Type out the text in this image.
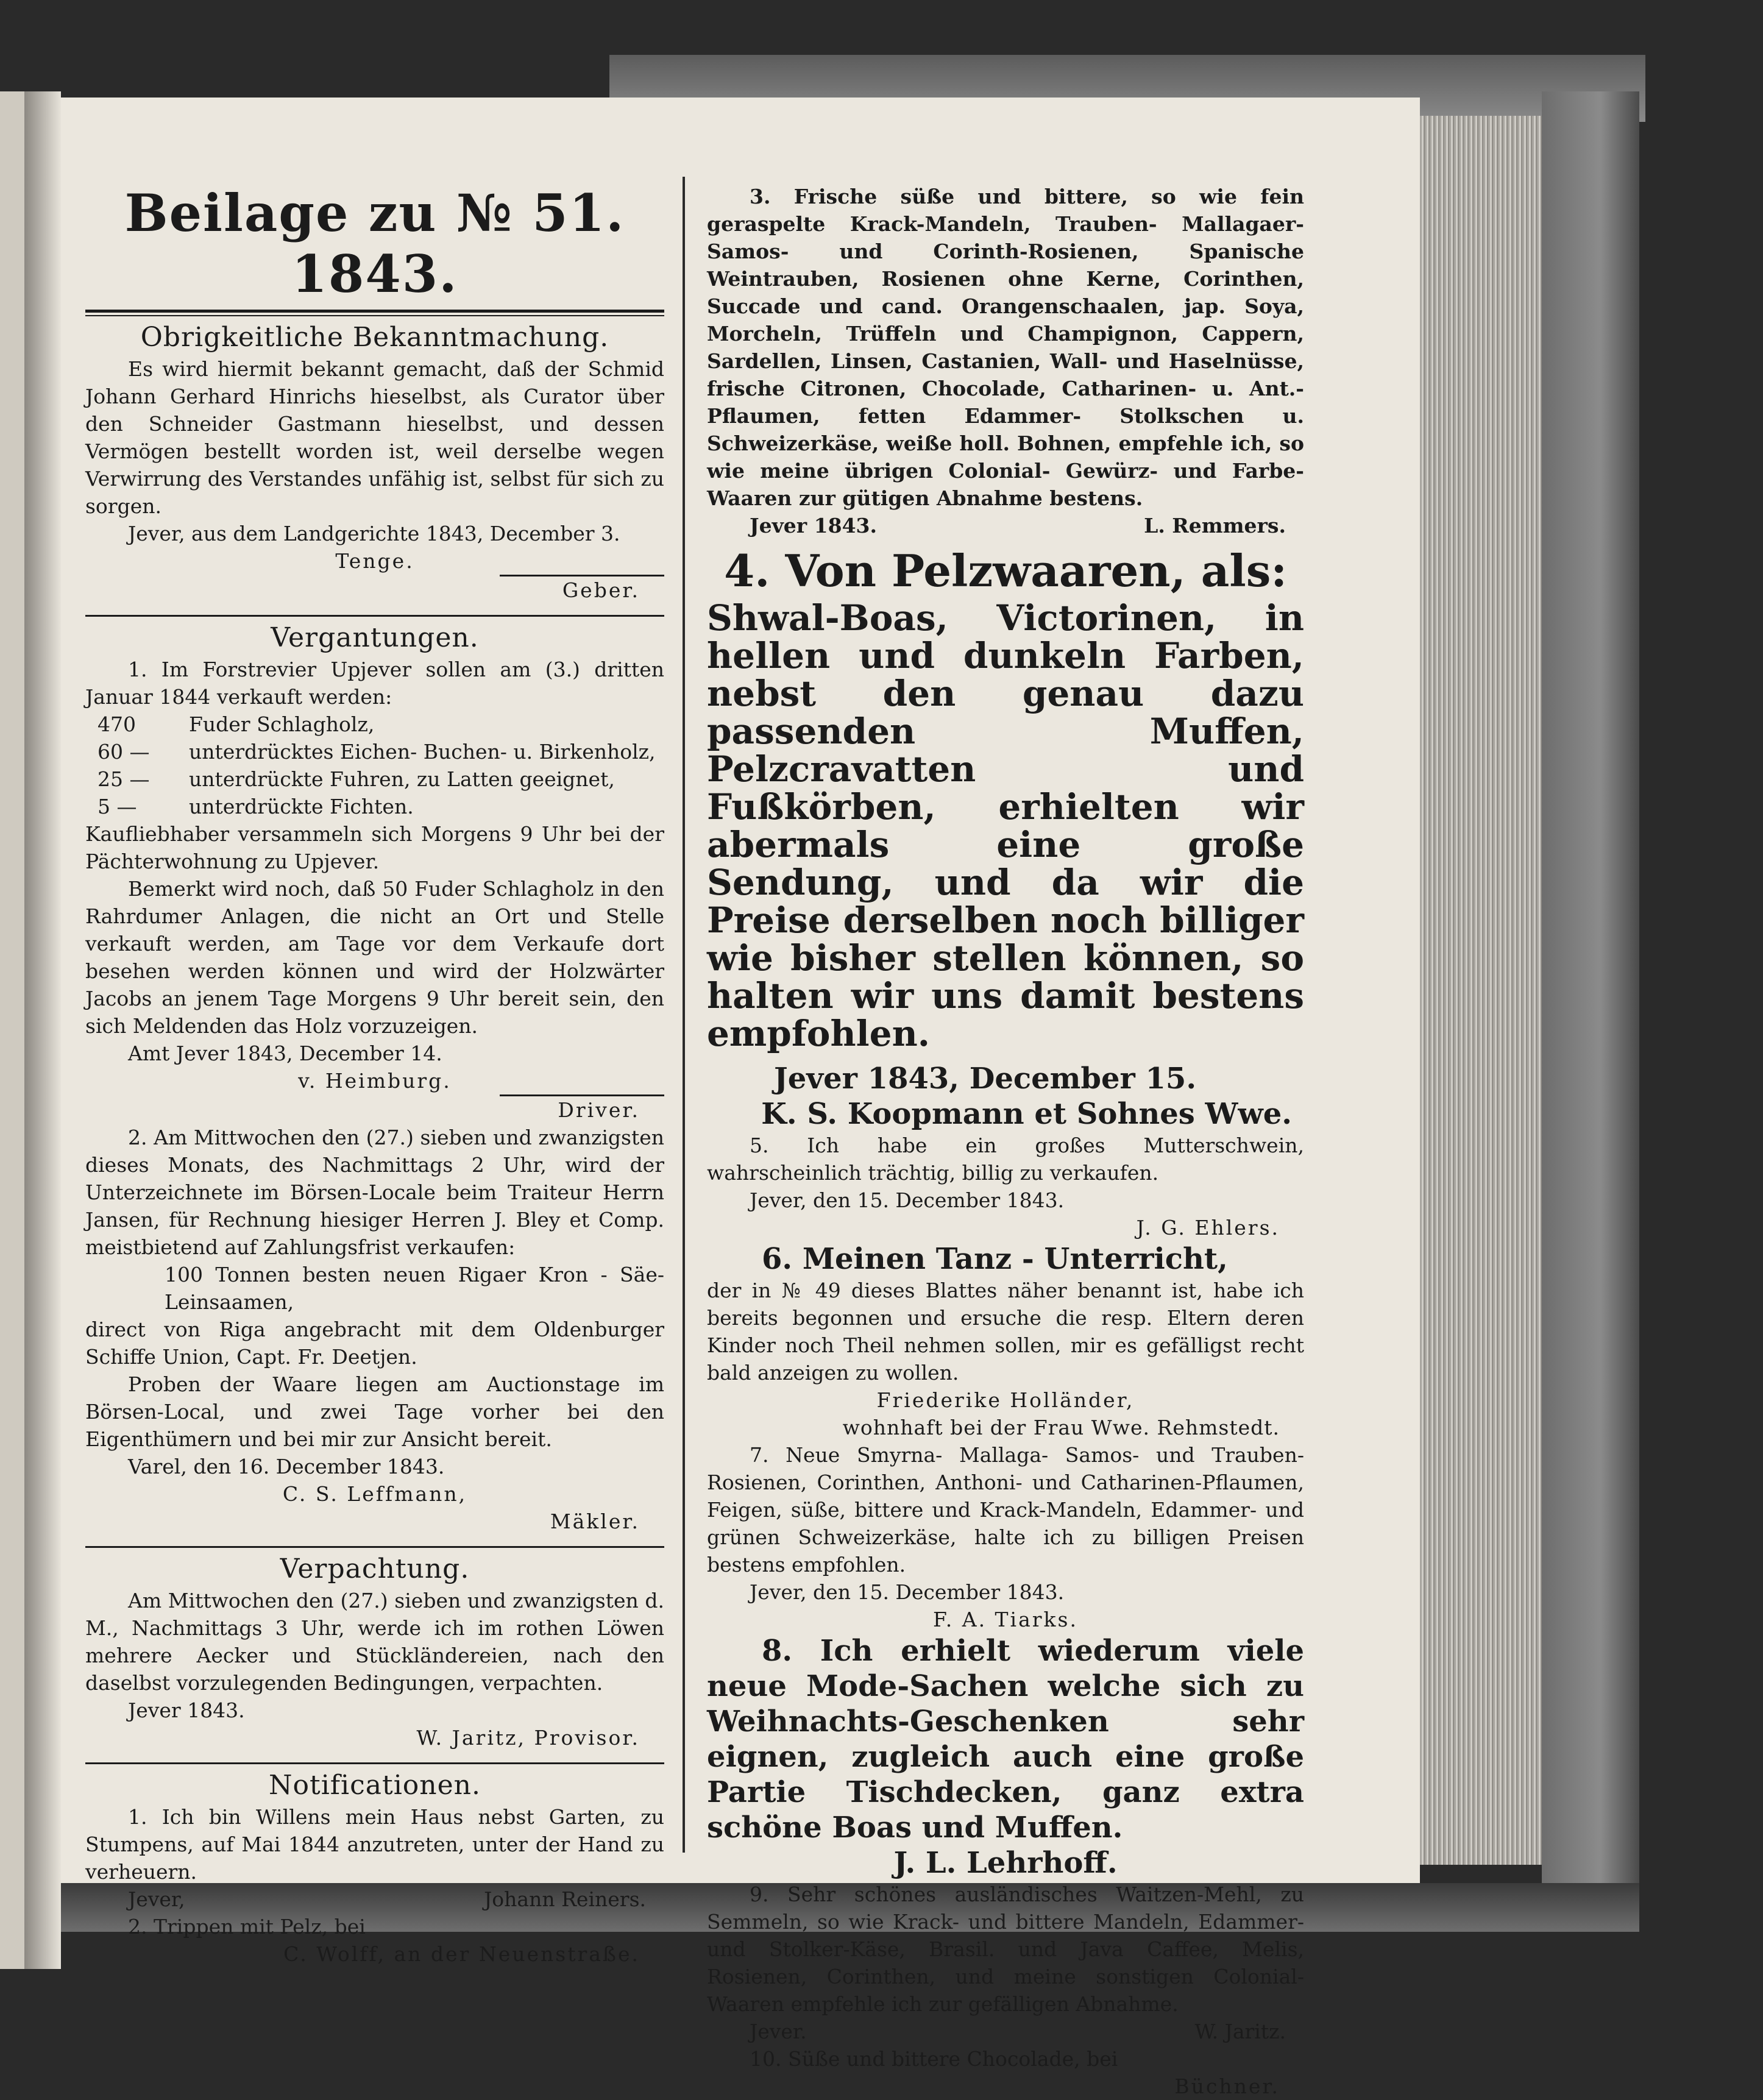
Beilage zu № 51. 1843.
Obrigkeitliche Bekanntmachung.

Es wird hiermit bekannt gemacht, daß der Schmid Johann Gerhard Hinrichs hieselbst, als Curator über den Schneider Gastmann hieselbst, und dessen Vermögen bestellt worden ist, weil derselbe wegen Verwirrung des Verstandes unfähig ist, selbst für sich zu sorgen.

Jever, aus dem Landgerichte 1843, December 3.
Tenge.
Geber.
Vergantungen.

1. Im Forstrevier Upjever sollen am (3.) dritten Januar 1844 verkauft werden:

470	Fuder Schlagholz,
60 —	unterdrücktes Eichen- Buchen- u. Birkenholz,
25 —	unterdrückte Fuhren, zu Latten geeignet,
5 —	unterdrückte Fichten.

Kaufliebhaber versammeln sich Morgens 9 Uhr bei der Pächterwohnung zu Upjever.

Bemerkt wird noch, daß 50 Fuder Schlagholz in den Rahrdumer Anlagen, die nicht an Ort und Stelle verkauft werden, am Tage vor dem Verkaufe dort besehen werden können und wird der Holzwärter Jacobs an jenem Tage Morgens 9 Uhr bereit sein, den sich Meldenden das Holz vorzuzeigen.

Amt Jever 1843, December 14.
v. Heimburg.
Driver.

2. Am Mittwochen den (27.) sieben und zwanzigsten dieses Monats, des Nachmittags 2 Uhr, wird der Unterzeichnete im Börsen-Locale beim Traiteur Herrn Jansen, für Rechnung hiesiger Herren J. Bley et Comp. meistbietend auf Zahlungsfrist verkaufen:

100 Tonnen besten neuen Rigaer Kron - Säe-Leinsaamen,

direct von Riga angebracht mit dem Oldenburger Schiffe Union, Capt. Fr. Deetjen.

Proben der Waare liegen am Auctionstage im Börsen-Local, und zwei Tage vorher bei den Eigenthümern und bei mir zur Ansicht bereit.

Varel, den 16. December 1843.
C. S. Leffmann,
Mäkler.
Verpachtung.

Am Mittwochen den (27.) sieben und zwanzigsten d. M., Nachmittags 3 Uhr, werde ich im rothen Löwen mehrere Aecker und Stückländereien, nach den daselbst vorzulegenden Bedingungen, verpachten.

Jever 1843.
W. Jaritz, Provisor.
Notificationen.

1. Ich bin Willens mein Haus nebst Garten, zu Stumpens, auf Mai 1844 anzutreten, unter der Hand zu verheuern.

Jever,	Johann Reiners.

2. Trippen mit Pelz, bei

C. Wolff, an der Neuenstraße.

3. Frische süße und bittere, so wie fein geraspelte Krack-Mandeln, Trauben- Mallagaer- Samos- und Corinth-Rosienen, Spanische Weintrauben, Rosienen ohne Kerne, Corinthen, Succade und cand. Orangenschaalen, jap. Soya, Morcheln, Trüffeln und Champignon, Cappern, Sardellen, Linsen, Castanien, Wall- und Haselnüsse, frische Citronen, Chocolade, Catharinen- u. Ant.-Pflaumen, fetten Edammer- Stolkschen u. Schweizerkäse, weiße holl. Bohnen, empfehle ich, so wie meine übrigen Colonial- Gewürz- und Farbe-Waaren zur gütigen Abnahme bestens.

Jever 1843.	L. Remmers.
4. Von Pelzwaaren, als:
Shwal-Boas, Victorinen, in hellen und dunkeln Farben, nebst den genau dazu passenden Muffen, Pelzcravatten und Fußkörben, erhielten wir abermals eine große Sendung, und da wir die Preise derselben noch billiger wie bisher stellen können, so halten wir uns damit bestens empfohlen.
Jever 1843, December 15.
K. S. Koopmann et Sohnes Wwe.

5. Ich habe ein großes Mutterschwein, wahrscheinlich trächtig, billig zu verkaufen.

Jever, den 15. December 1843.
J. G. Ehlers.
6. Meinen Tanz - Unterricht,

der in № 49 dieses Blattes näher benannt ist, habe ich bereits begonnen und ersuche die resp. Eltern deren Kinder noch Theil nehmen sollen, mir es gefälligst recht bald anzeigen zu wollen.

Friederike Holländer,
wohnhaft bei der Frau Wwe. Rehmstedt.

7. Neue Smyrna- Mallaga- Samos- und Trauben-Rosienen, Corinthen, Anthoni- und Catharinen-Pflaumen, Feigen, süße, bittere und Krack-Mandeln, Edammer- und grünen Schweizerkäse, halte ich zu billigen Preisen bestens empfohlen.

Jever, den 15. December 1843.
F. A. Tiarks.
8. Ich erhielt wiederum viele neue Mode-Sachen welche sich zu Weihnachts-Geschenken sehr eignen, zugleich auch eine große Partie Tischdecken, ganz extra schöne Boas und Muffen.
J. L. Lehrhoff.

9. Sehr schönes ausländisches Waitzen-Mehl, zu Semmeln, so wie Krack- und bittere Mandeln, Edammer- und Stolker-Käse, Brasil. und Java Caffee, Melis, Rosienen, Corinthen, und meine sonstigen Colonial-Waaren empfehle ich zur gefälligen Abnahme.

Jever.	W. Jaritz.

10. Süße und bittere Chocolade, bei

Büchner.
